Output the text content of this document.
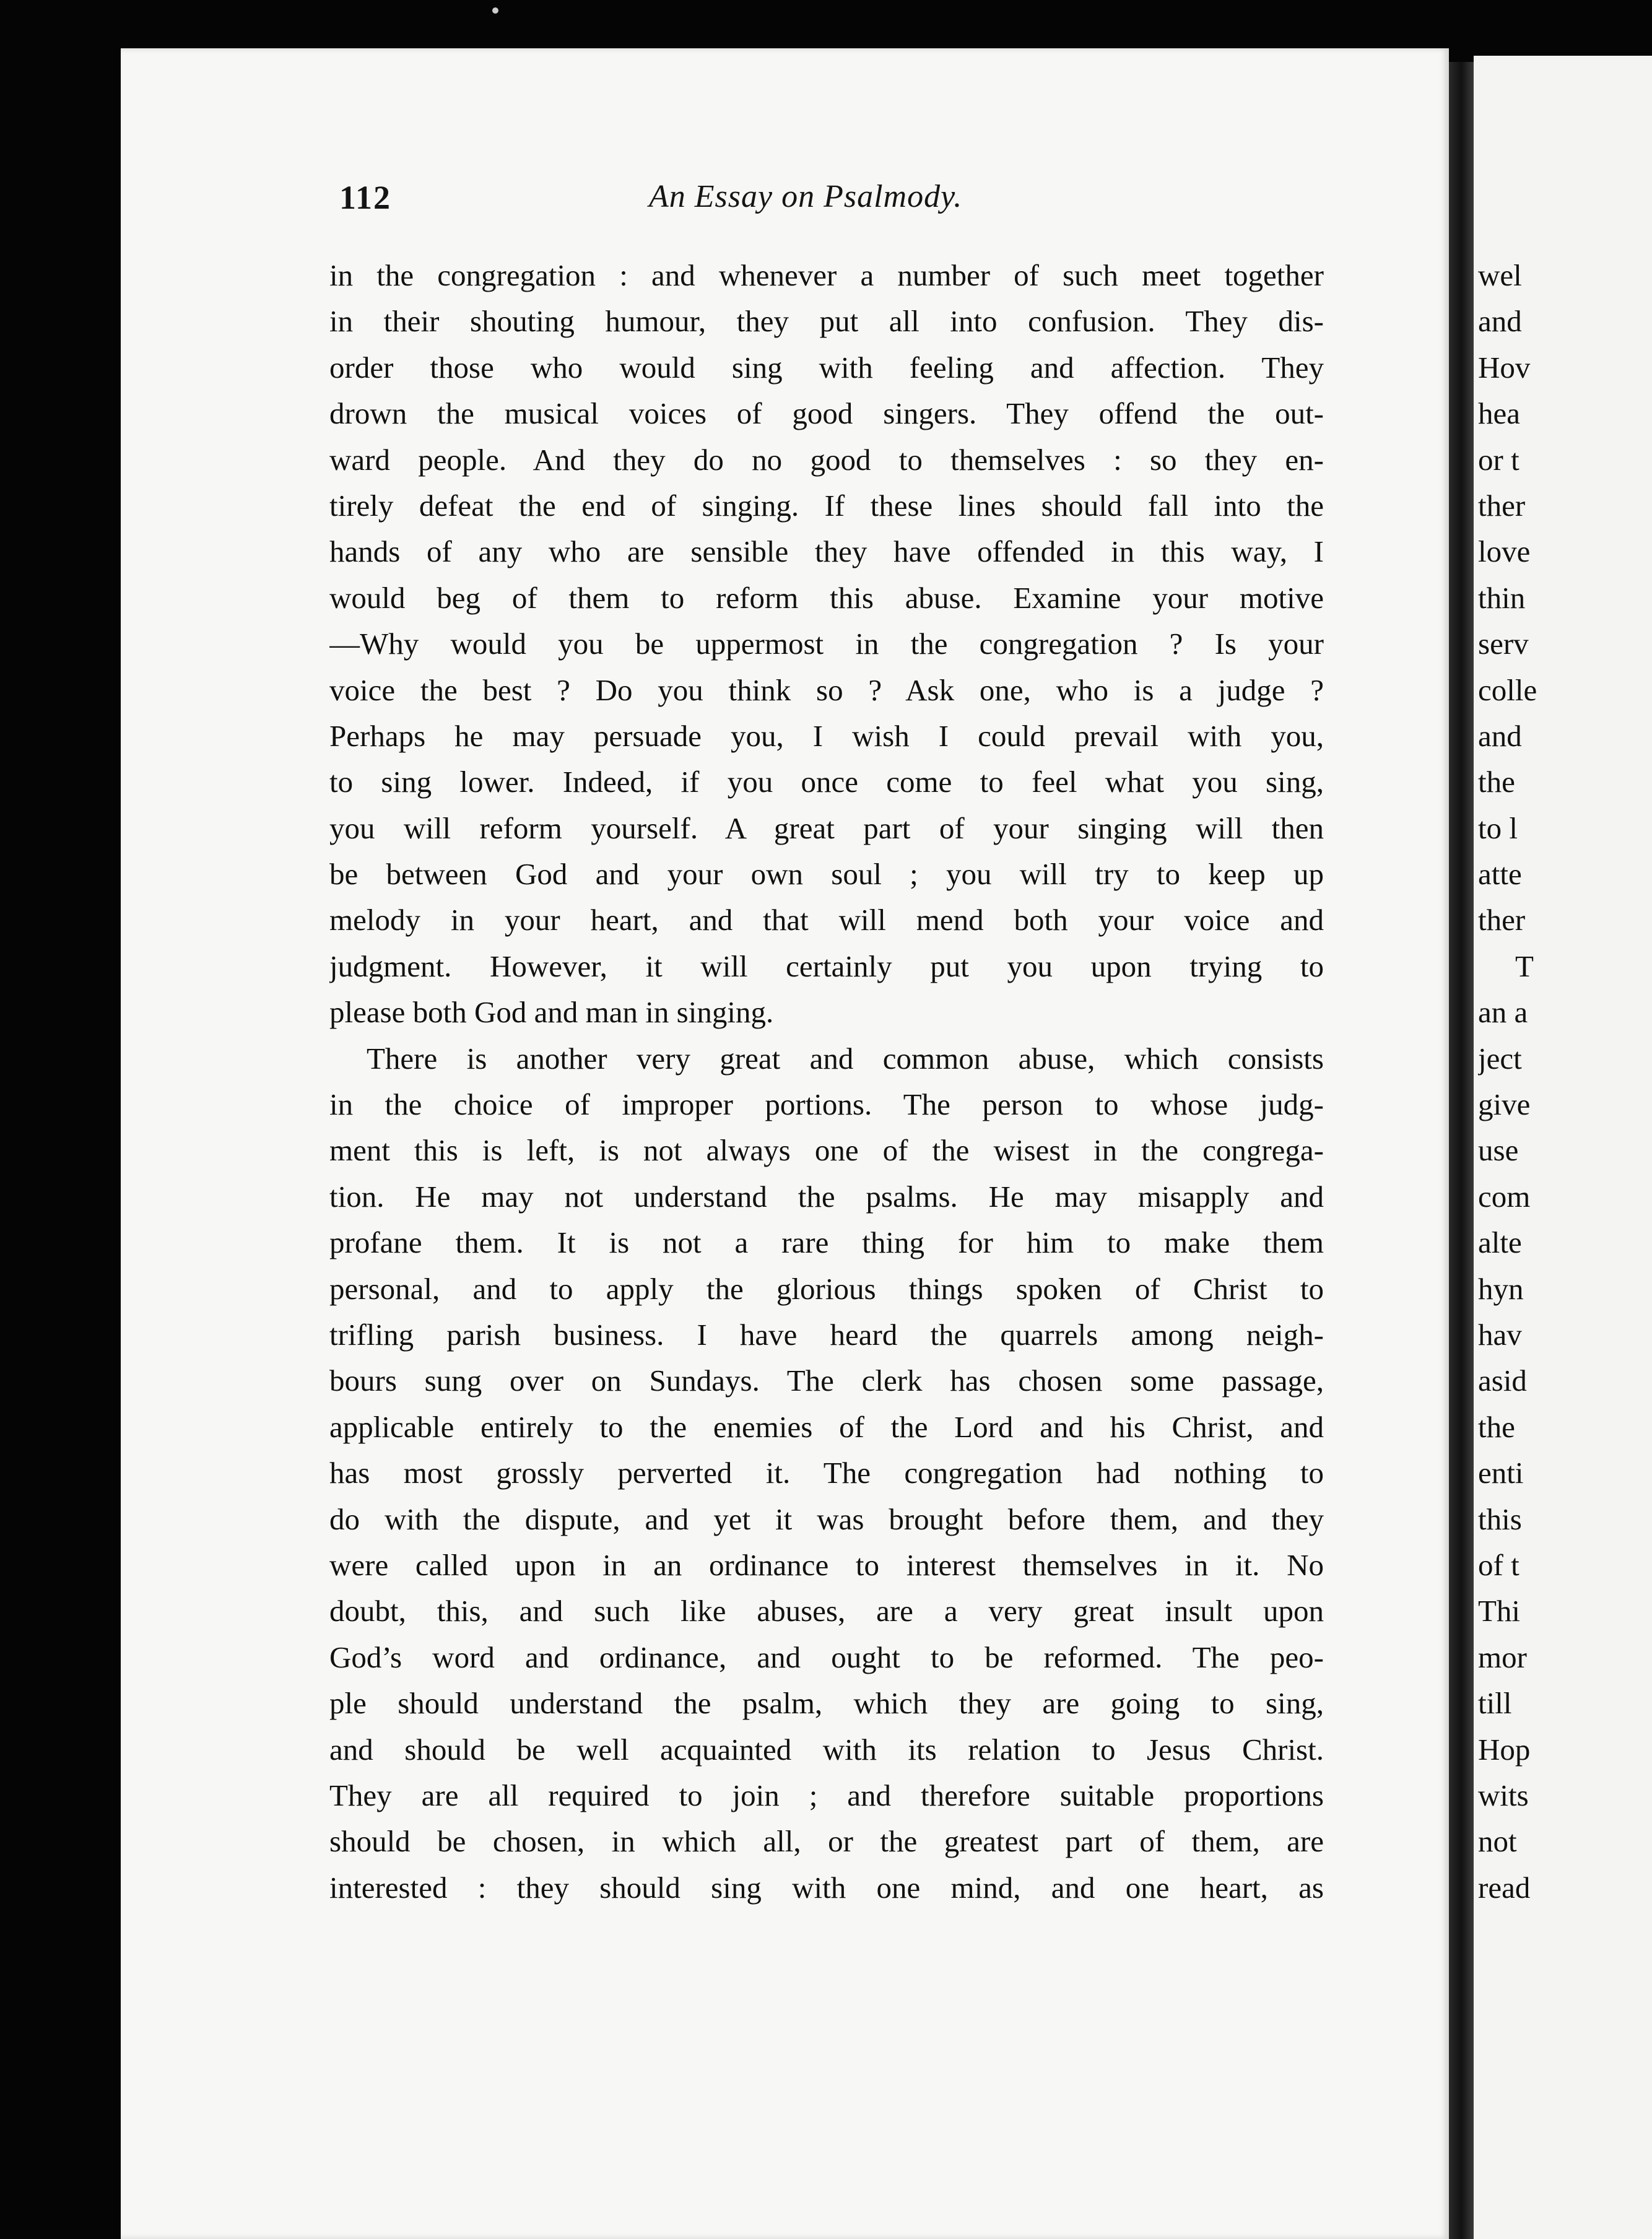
112	An Essay on Psalmody.
in the congregation : and whenever a number of such meet together
in their shouting humour, they put all into confusion. They dis-
order those who would sing with feeling and affection. They
drown the musical voices of good singers. They offend the out-
ward people. And they do no good to themselves : so they en-
tirely defeat the end of singing. If these lines should fall into the
hands of any who are sensible they have offended in this way, I
would beg of them to reform this abuse. Examine your motive
—Why would you be uppermost in the congregation ? Is your
voice the best ? Do you think so ? Ask one, who is a judge ?
Perhaps he may persuade you, I wish I could prevail with you,
to sing lower. Indeed, if you once come to feel what you sing,
you will reform yourself. A great part of your singing will then
be between God and your own soul ; you will try to keep up
melody in your heart, and that will mend both your voice and
judgment. However, it will certainly put you upon trying to
please both God and man in singing.
There is another very great and common abuse, which consists
in the choice of improper portions. The person to whose judg-
ment this is left, is not always one of the wisest in the congrega-
tion. He may not understand the psalms. He may misapply and
profane them. It is not a rare thing for him to make them
personal, and to apply the glorious things spoken of Christ to
trifling parish business. I have heard the quarrels among neigh-
bours sung over on Sundays. The clerk has chosen some passage,
applicable entirely to the enemies of the Lord and his Christ, and
has most grossly perverted it. The congregation had nothing to
do with the dispute, and yet it was brought before them, and they
were called upon in an ordinance to interest themselves in it. No
doubt, this, and such like abuses, are a very great insult upon
God’s word and ordinance, and ought to be reformed. The peo-
ple should understand the psalm, which they are going to sing,
and should be well acquainted with its relation to Jesus Christ.
They are all required to join ; and therefore suitable proportions
should be chosen, in which all, or the greatest part of them, are
interested : they should sing with one mind, and one heart, as
wel
and
Hov
hea
or t
ther
love
thin
serv
colle
and
the
to l
atte
ther
T
an a
ject
give
use
com
alte
hyn
hav
asid
the
enti
this
of t
Thi
mor
till
Hop
wits
not
read
